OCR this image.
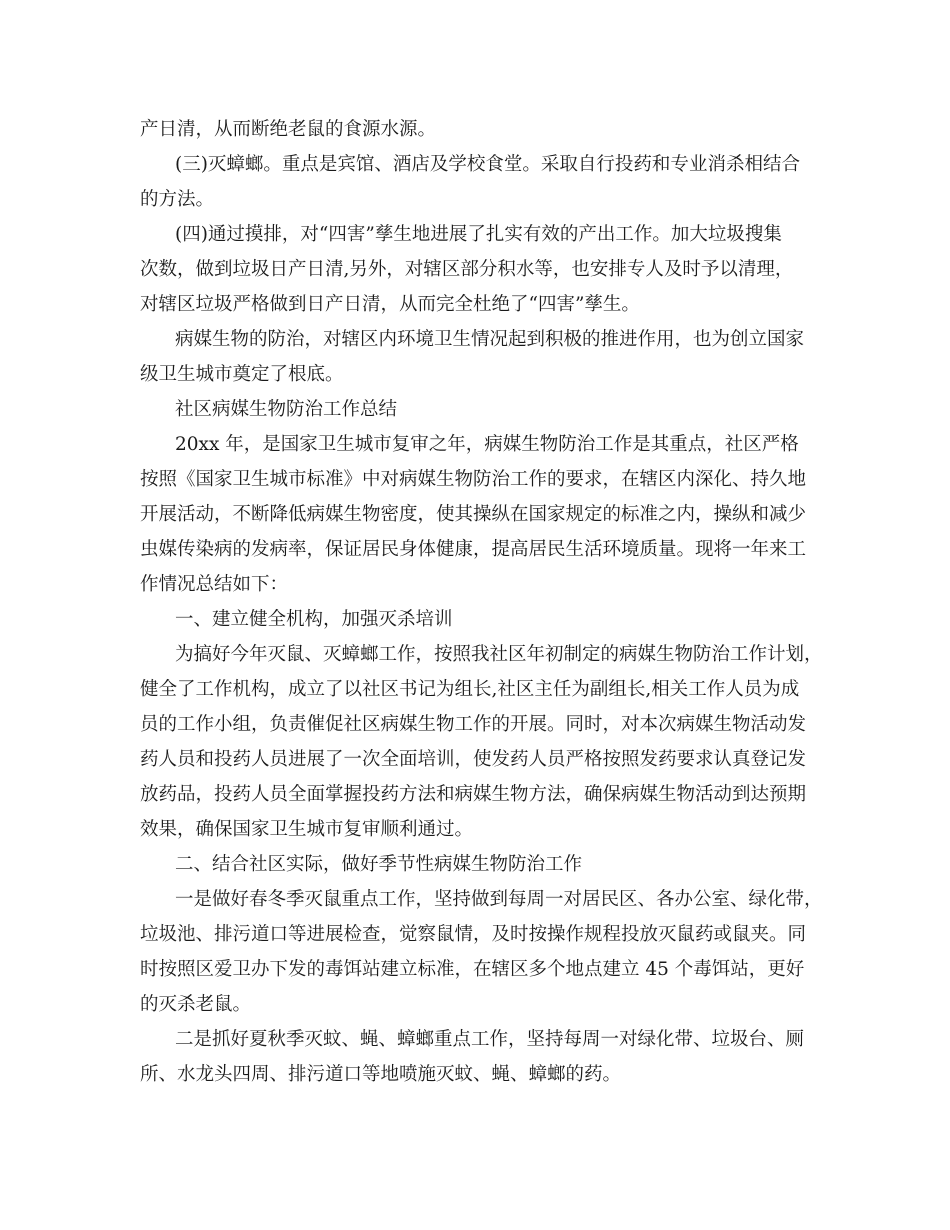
产日清，从而断绝老鼠的食源水源。

(三)灭蟑螂。重点是宾馆、酒店及学校食堂。采取自行投药和专业消杀相结合

的方法。

(四)通过摸排，对“四害”孳生地进展了扎实有效的产出工作。加大垃圾搜集

次数，做到垃圾日产日清,另外，对辖区部分积水等，也安排专人及时予以清理，

对辖区垃圾严格做到日产日清，从而完全杜绝了“四害”孳生。

病媒生物的防治，对辖区内环境卫生情况起到积极的推进作用，也为创立国家

级卫生城市奠定了根底。

社区病媒生物防治工作总结

20xx 年，是国家卫生城市复审之年，病媒生物防治工作是其重点，社区严格

按照《国家卫生城市标准》中对病媒生物防治工作的要求，在辖区内深化、持久地

开展活动，不断降低病媒生物密度，使其操纵在国家规定的标准之内，操纵和减少

虫媒传染病的发病率，保证居民身体健康，提高居民生活环境质量。现将一年来工

作情况总结如下：

一、建立健全机构，加强灭杀培训

为搞好今年灭鼠、灭蟑螂工作，按照我社区年初制定的病媒生物防治工作计划，

健全了工作机构，成立了以社区书记为组长,社区主任为副组长,相关工作人员为成

员的工作小组，负责催促社区病媒生物工作的开展。同时，对本次病媒生物活动发

药人员和投药人员进展了一次全面培训，使发药人员严格按照发药要求认真登记发

放药品，投药人员全面掌握投药方法和病媒生物方法，确保病媒生物活动到达预期

效果，确保国家卫生城市复审顺利通过。

二、结合社区实际，做好季节性病媒生物防治工作

一是做好春冬季灭鼠重点工作，坚持做到每周一对居民区、各办公室、绿化带，

垃圾池、排污道口等进展检查，觉察鼠情，及时按操作规程投放灭鼠药或鼠夹。同

时按照区爱卫办下发的毒饵站建立标准，在辖区多个地点建立 45 个毒饵站，更好

的灭杀老鼠。

二是抓好夏秋季灭蚊、蝇、蟑螂重点工作，坚持每周一对绿化带、垃圾台、厕

所、水龙头四周、排污道口等地喷施灭蚊、蝇、蟑螂的药。
